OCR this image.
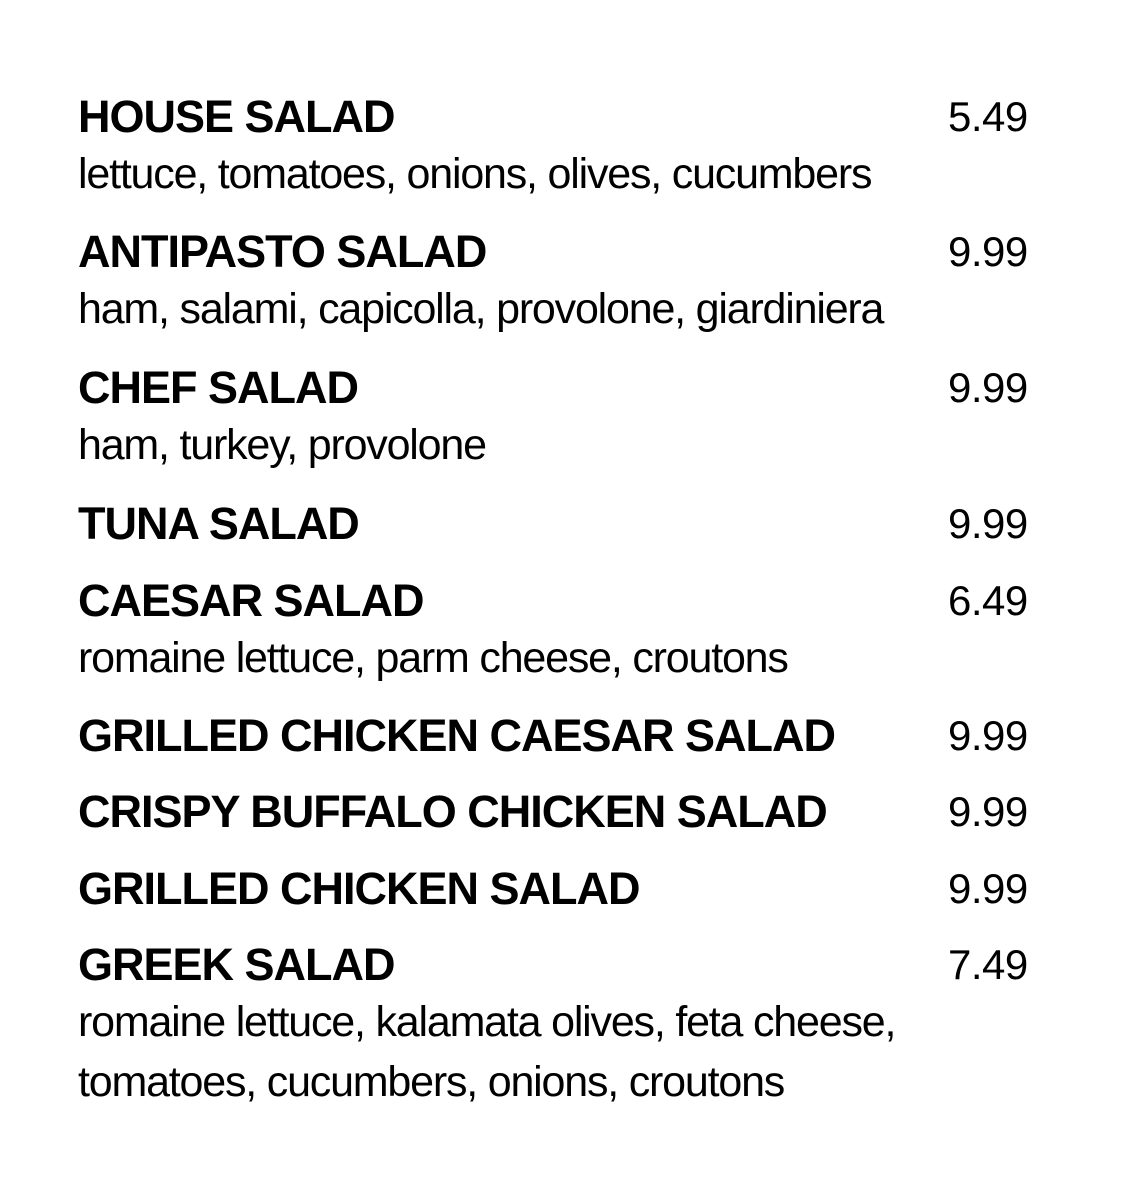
HOUSE SALAD	5.49
lettuce, tomatoes, onions, olives, cucumbers
ANTIPASTO SALAD	9.99
ham, salami, capicolla, provolone, giardiniera
CHEF SALAD	9.99
ham, turkey, provolone
TUNA SALAD	9.99
CAESAR SALAD	6.49
romaine lettuce, parm cheese, croutons
GRILLED CHICKEN CAESAR SALAD	9.99
CRISPY BUFFALO CHICKEN SALAD	9.99
GRILLED CHICKEN SALAD	9.99
GREEK SALAD	7.49
romaine lettuce, kalamata olives, feta cheese,
tomatoes, cucumbers, onions, croutons
